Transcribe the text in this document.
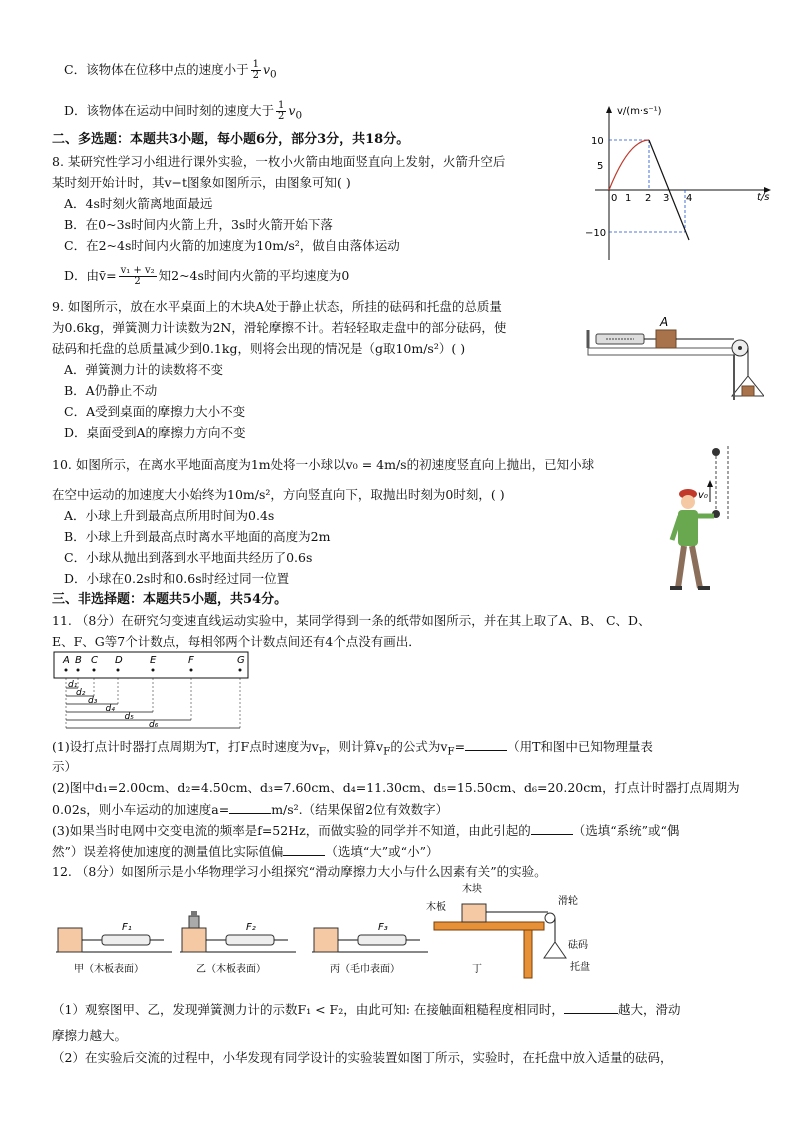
C．该物体在位移中点的速度小于 $\frac{1}{2} v_0$
D．该物体在运动中间时刻的速度大于 $\frac{1}{2} v_0$
二、多选题：本题共3小题，每小题6分，部分3分，共18分。
8. 某研究性学习小组进行课外实验，一枚小火箭由地面竖直向上发射，火箭升空后
某时刻开始计时，其v−t图象如图所示，由图象可知( )
A．4s时刻火箭离地面最远
B．在0~3s时间内火箭上升，3s时火箭开始下落
C．在2~4s时间内火箭的加速度为10m/s²，做自由落体运动
D．由v̄= $\frac{\text{v₁ + v₂}}{2}$ 知2~4s时间内火箭的平均速度为0
9. 如图所示，放在水平桌面上的木块A处于静止状态，所挂的砝码和托盘的总质量
为0.6kg，弹簧测力计读数为2N，滑轮摩擦不计。若轻轻取走盘中的部分砝码，使
砝码和托盘的总质量减少到0.1kg，则将会出现的情况是（g取10m/s²）( )
A．弹簧测力计的读数将不变
B．A仍静止不动
C．A受到桌面的摩擦力大小不变
D．桌面受到A的摩擦力方向不变
10. 如图所示，在离水平地面高度为1m处将一小球以v₀ = 4m/s的初速度竖直向上抛出，已知小球
在空中运动的加速度大小始终为10m/s²，方向竖直向下，取抛出时刻为0时刻，( )
A．小球上升到最高点所用时间为0.4s
B．小球上升到最高点时离水平地面的高度为2m
C．小球从抛出到落到水平地面共经历了0.6s
D．小球在0.2s时和0.6s时经过同一位置
三、非选择题：本题共5小题，共54分。
11. （8分）在研究匀变速直线运动实验中，某同学得到一条的纸带如图所示，并在其上取了A、B、 C、D、
E、F、G等7个计数点，每相邻两个计数点间还有4个点没有画出．
(1)设打点计时器打点周期为T，打F点时速度为$v_F$，则计算$v_F$的公式为$v_F=$	（用T和图中已知物理量表
示）
(2)图中d₁=2.00cm、d₂=4.50cm、d₃=7.60cm、d₄=11.30cm、d₅=15.50cm、d₆=20.20cm，打点计时器打点周期为
0.02s，则小车运动的加速度a=	m/s².（结果保留2位有效数字）
(3)如果当时电网中交变电流的频率是f=52Hz，而做实验的同学并不知道，由此引起的	（选填“系统”或“偶
然”）误差将使加速度的测量值比实际值偏	（选填“大”或“小”）
12. （8分）如图所示是小华物理学习小组探究“滑动摩擦力大小与什么因素有关”的实验。
（1）观察图甲、乙，发现弹簧测力计的示数F₁ < F₂，由此可知: 在接触面粗糙程度相同时，	越大，滑动
摩擦力越大。
（2）在实验后交流的过程中，小华发现有同学设计的实验装置如图丁所示，实验时，在托盘中放入适量的砝码，
v/(m·s⁻¹)
t/s
10
5
−10
0 1 2 3 4
A
v₀
A B C D	E	F	G
d₁
d₂
d₃
d₄
d₅
d₆
F₁
甲（木板表面）
F₂
乙（木板表面）
F₃
丙（毛巾表面）
木块
木板
滑轮
砝码
托盘
丁
